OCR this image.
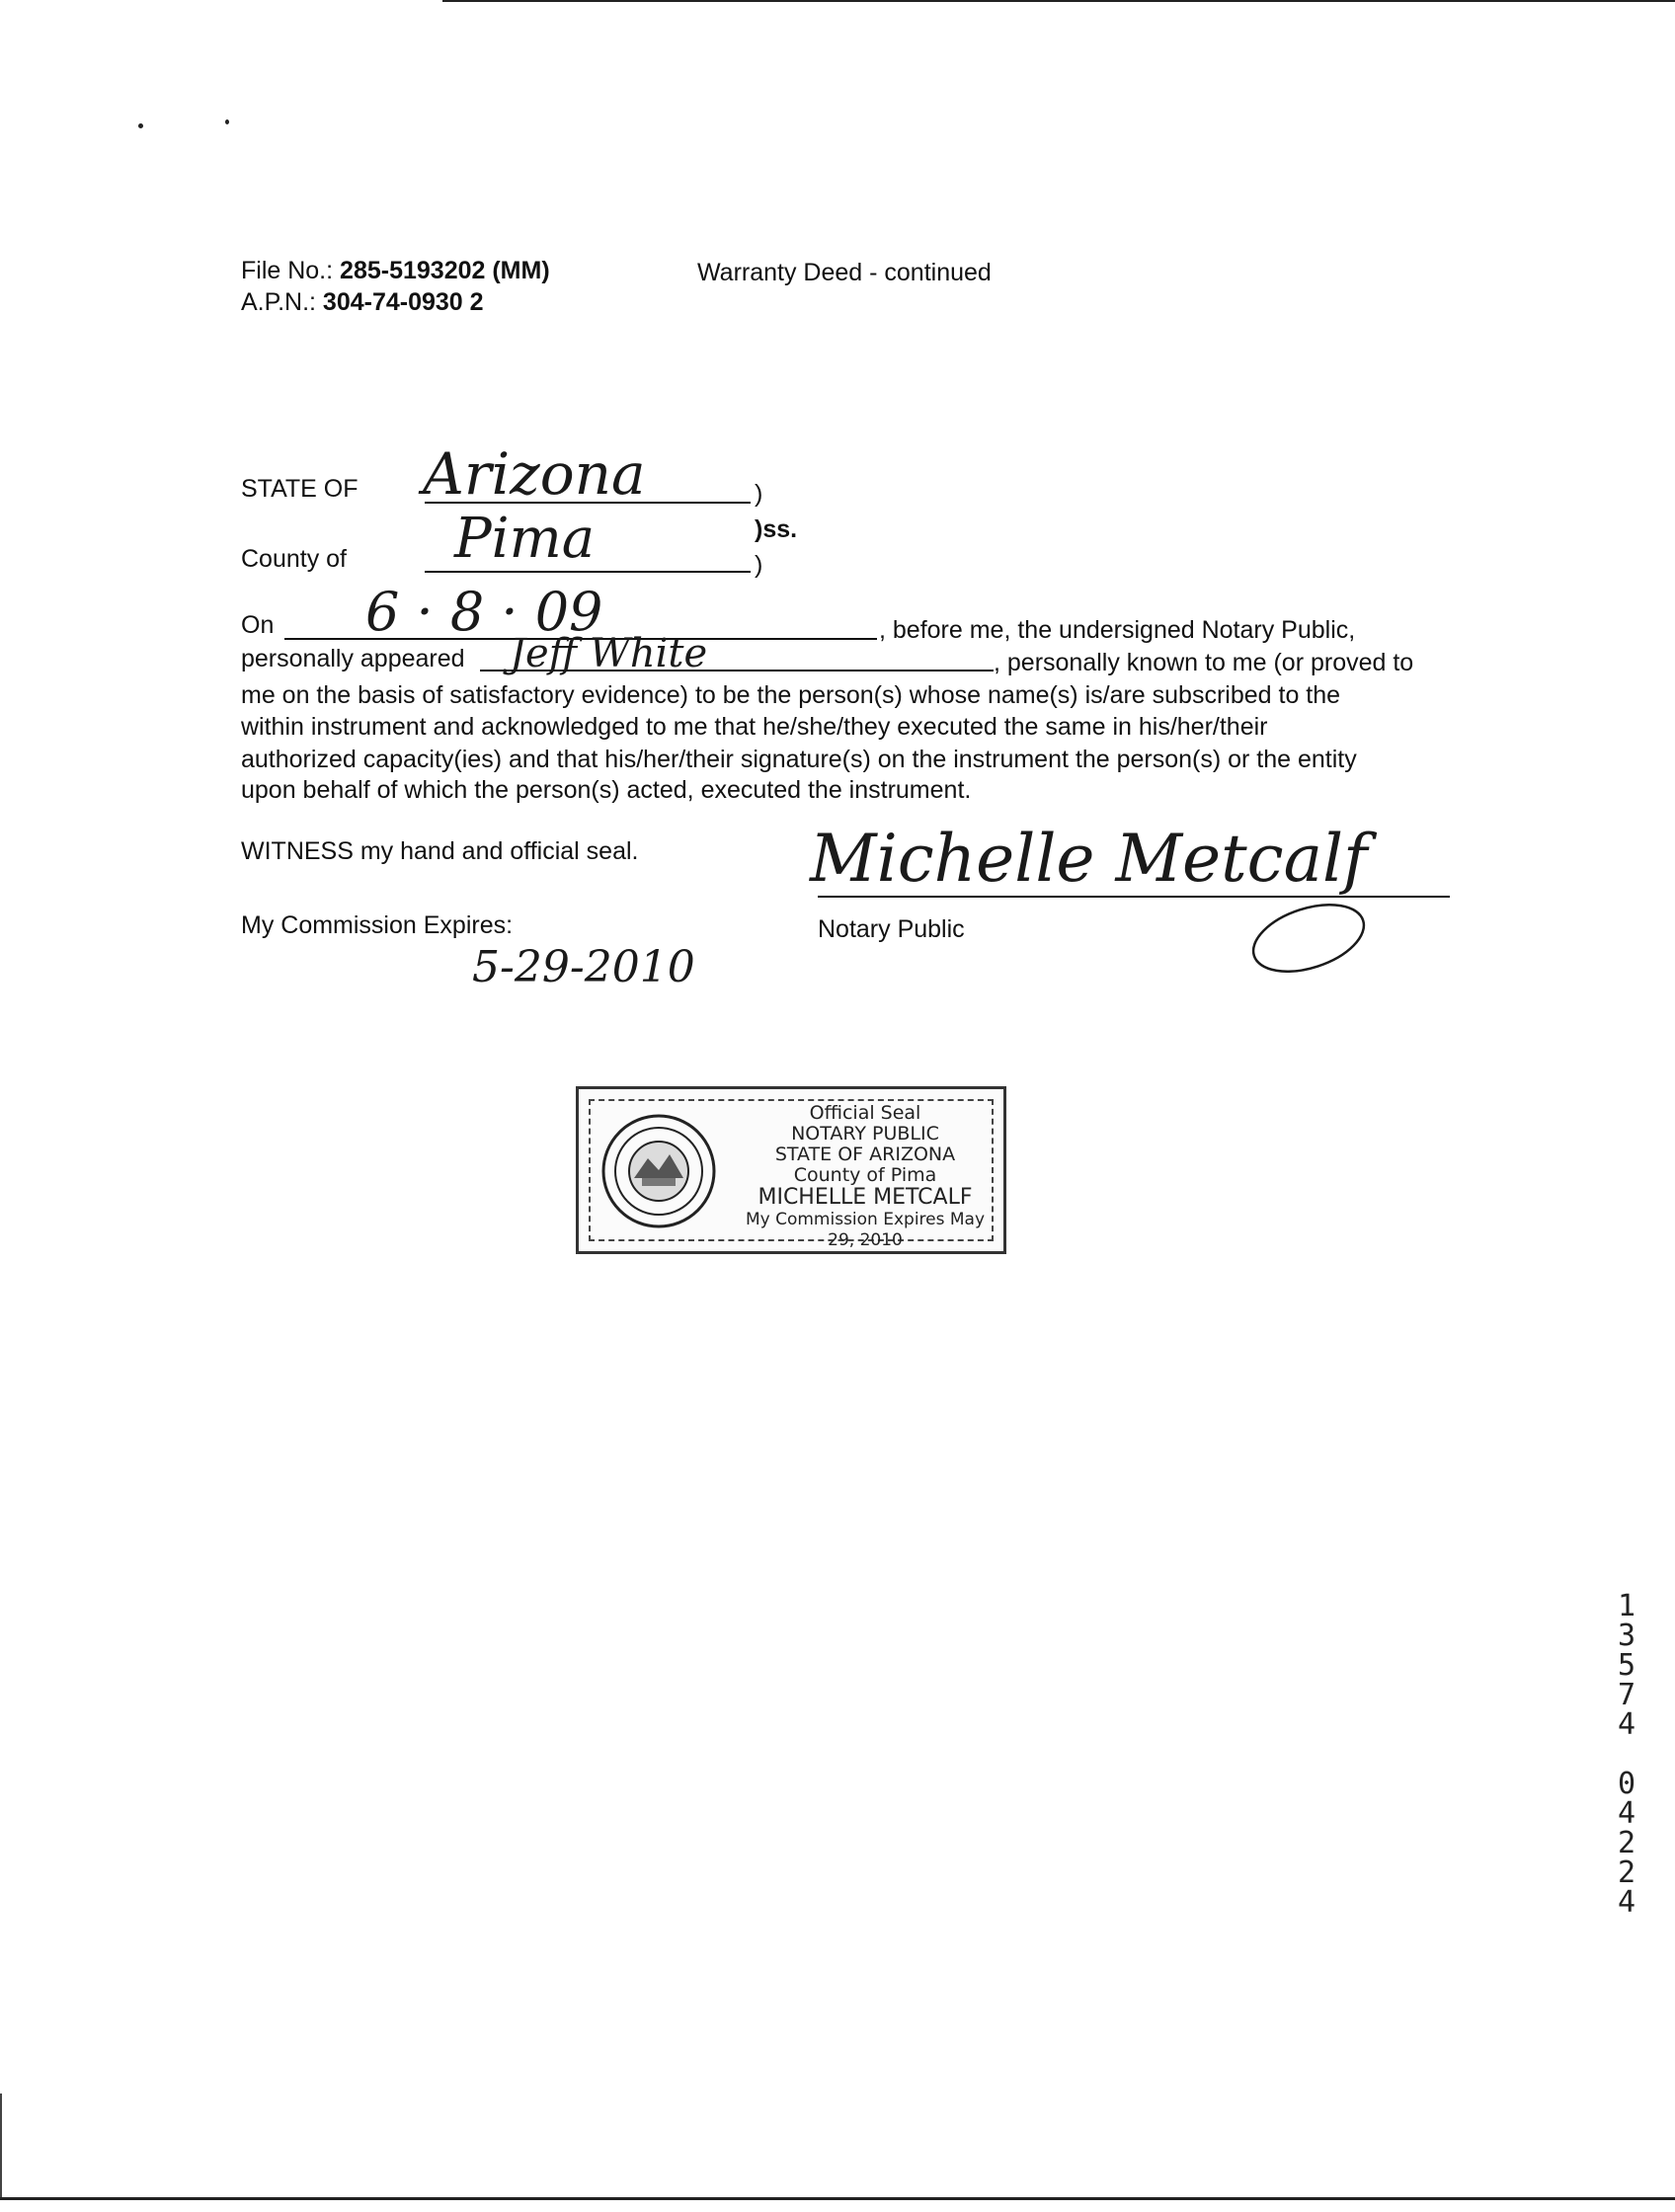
File No.: 285-5193202 (MM)
A.P.N.: 304-74-0930 2
Warranty Deed - continued
STATE OF Arizona	)
)ss.
County of Pima	)
On 6 · 8 · 09	, before me, the undersigned Notary Public,
personally appeared Jeff White	, personally known to me (or proved to
me on the basis of satisfactory evidence) to be the person(s) whose name(s) is/are subscribed to the
within instrument and acknowledged to me that he/she/they executed the same in his/her/their
authorized capacity(ies) and that his/her/their signature(s) on the instrument the person(s) or the entity
upon behalf of which the person(s) acted, executed the instrument.
WITNESS my hand and official seal.	Michelle Metcalf
Notary Public
My Commission Expires:
5-29-2010
Official Seal
NOTARY PUBLIC
STATE OF ARIZONA
County of Pima
MICHELLE METCALF
My Commission Expires May 29, 2010
1
3
5
7
4
0
4
2
2
4
